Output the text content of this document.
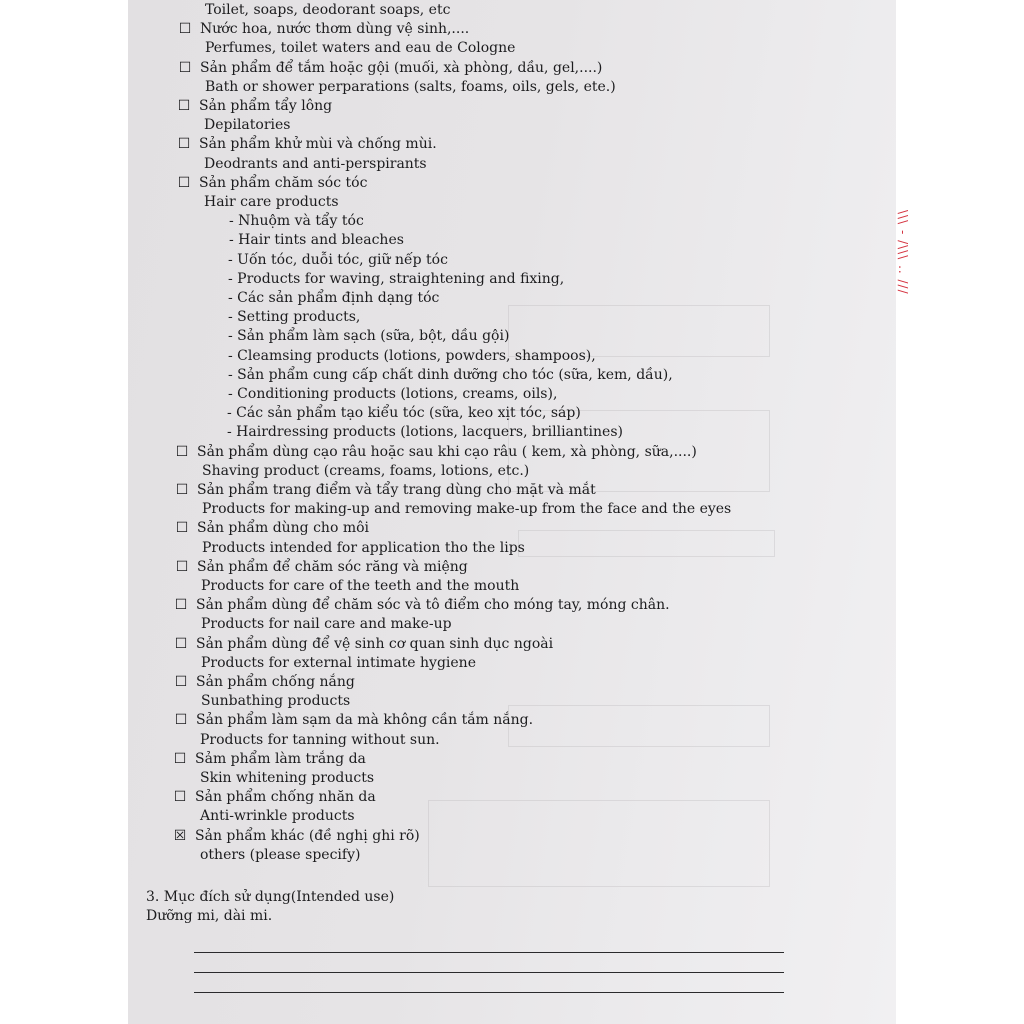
Toilet, soaps, deodorant soaps, etc
☐ Nước hoa, nước thơm dùng vệ sinh,....
Perfumes, toilet waters and eau de Cologne
☐ Sản phẩm để tắm hoặc gội (muối, xà phòng, dầu, gel,....)
Bath or shower perparations (salts, foams, oils, gels, ete.)
☐ Sản phẩm tẩy lông
Depilatories
☐ Sản phẩm khử mùi và chống mùi.
Deodrants and anti-perspirants
☐ Sản phẩm chăm sóc tóc
Hair care products
- Nhuộm và tẩy tóc
- Hair tints and bleaches
- Uốn tóc, duỗi tóc, giữ nếp tóc
- Products for waving, straightening and fixing,
- Các sản phẩm định dạng tóc
- Setting products,
- Sản phẩm làm sạch (sữa, bột, dầu gội)
- Cleamsing products (lotions, powders, shampoos),
- Sản phẩm cung cấp chất dinh dưỡng cho tóc (sữa, kem, dầu),
- Conditioning products (lotions, creams, oils),
- Các sản phẩm tạo kiểu tóc (sữa, keo xịt tóc, sáp)
- Hairdressing products (lotions, lacquers, brilliantines)
☐ Sản phẩm dùng cạo râu hoặc sau khi cạo râu ( kem, xà phòng, sữa,....)
Shaving product (creams, foams, lotions, etc.)
☐ Sản phẩm trang điểm và tẩy trang dùng cho mặt và mắt
Products for making-up and removing make-up from the face and the eyes
☐ Sản phẩm dùng cho môi
Products intended for application tho the lips
☐ Sản phẩm để chăm sóc răng và miệng
Products for care of the teeth and the mouth
☐ Sản phẩm dùng để chăm sóc và tô điểm cho móng tay, móng chân.
Products for nail care and make-up
☐ Sản phẩm dùng để vệ sinh cơ quan sinh dục ngoài
Products for external intimate hygiene
☐ Sản phẩm chống nắng
Sunbathing products
☐ Sản phẩm làm sạm da mà không cần tắm nắng.
Products for tanning without sun.
☐ Sảm phẩm làm trắng da
Skin whitening products
☐ Sản phẩm chống nhăn da
Anti-wrinkle products
☒ Sản phẩm khác (đề nghị ghi rõ)
others (please specify)
3. Mục đích sử dụng(Intended use)
Dưỡng mi, dài mi.
\\\ - /\\\ .. ///
